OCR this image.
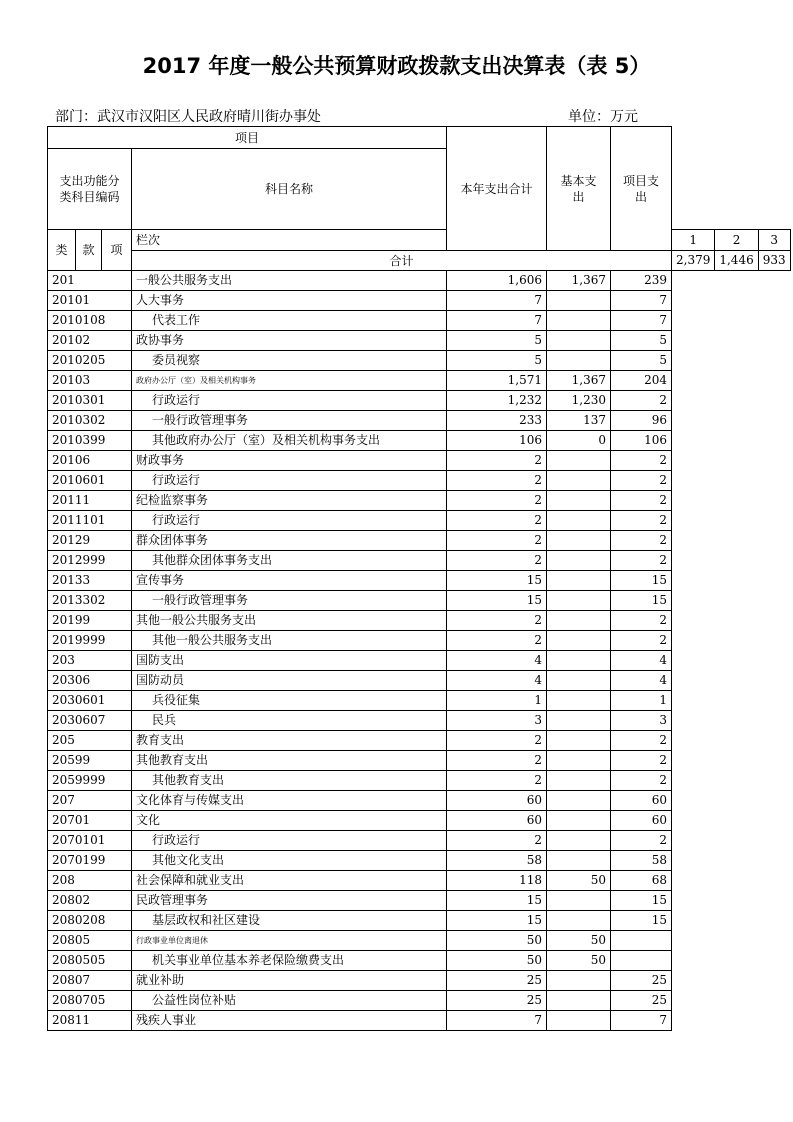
2017 年度一般公共预算财政拨款支出决算表（表 5）
部门：武汉市汉阳区人民政府晴川街办事处	单位：万元
项目				本年支出合计	基本支出	项目支出			
支出功能分类科目编码			科目名称						
类	款	项	栏次				1	2	3
			合计				2,379	1,446	933
201			一般公共服务支出	1,606	1,367	239			
20101			人大事务	7		7			
2010108			代表工作	7		7			
20102			政协事务	5		5			
2010205			委员视察	5		5			
20103			政府办公厅（室）及相关机构事务	1,571	1,367	204			
2010301			行政运行	1,232	1,230	2			
2010302			一般行政管理事务	233	137	96			
2010399			其他政府办公厅（室）及相关机构事务支出	106	0	106			
20106			财政事务	2		2			
2010601			行政运行	2		2			
20111			纪检监察事务	2		2			
2011101			行政运行	2		2			
20129			群众团体事务	2		2			
2012999			其他群众团体事务支出	2		2			
20133			宣传事务	15		15			
2013302			一般行政管理事务	15		15			
20199			其他一般公共服务支出	2		2			
2019999			其他一般公共服务支出	2		2			
203			国防支出	4		4			
20306			国防动员	4		4			
2030601			兵役征集	1		1			
2030607			民兵	3		3			
205			教育支出	2		2			
20599			其他教育支出	2		2			
2059999			其他教育支出	2		2			
207			文化体育与传媒支出	60		60			
20701			文化	60		60			
2070101			行政运行	2		2			
2070199			其他文化支出	58		58			
208			社会保障和就业支出	118	50	68			
20802			民政管理事务	15		15			
2080208			基层政权和社区建设	15		15			
20805			行政事业单位离退休	50	50				
2080505			机关事业单位基本养老保险缴费支出	50	50				
20807			就业补助	25		25			
2080705			公益性岗位补贴	25		25			
20811			残疾人事业	7		7			
